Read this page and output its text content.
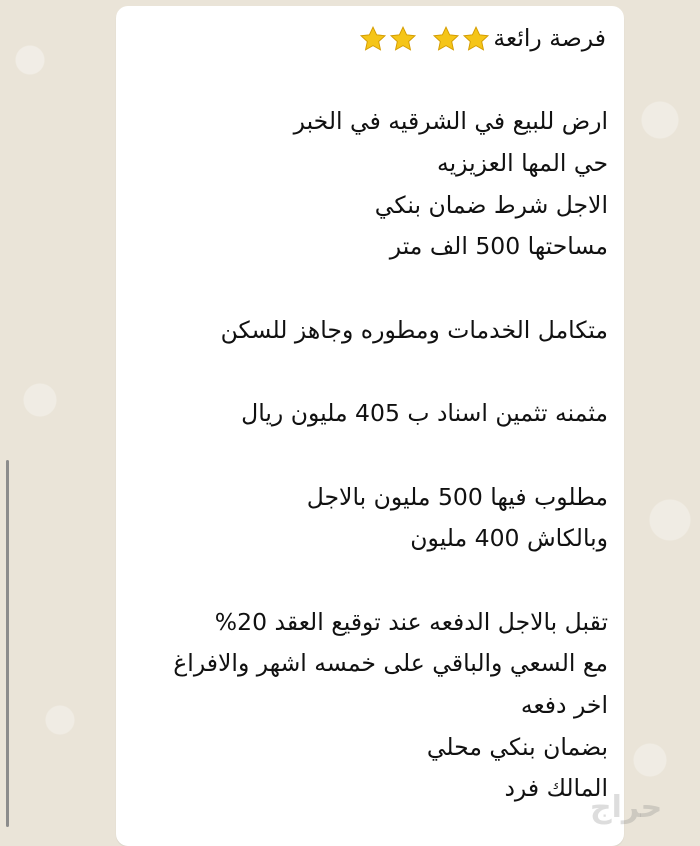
فرصة رائعة
ارض للبيع في الشرقيه في الخبر
حي المها العزيزيه
الاجل شرط ضمان بنكي
مساحتها 500 الف متر
متكامل الخدمات ومطوره وجاهز للسكن
مثمنه تثمين اسناد ب 405 مليون ريال
مطلوب فيها 500 مليون بالاجل
وبالكاش 400 مليون
تقبل بالاجل الدفعه عند توقيع العقد 20%
مع السعي والباقي على خمسه اشهر والافراغ
اخر دفعه
بضمان بنكي محلي
المالك فرد
حراج
